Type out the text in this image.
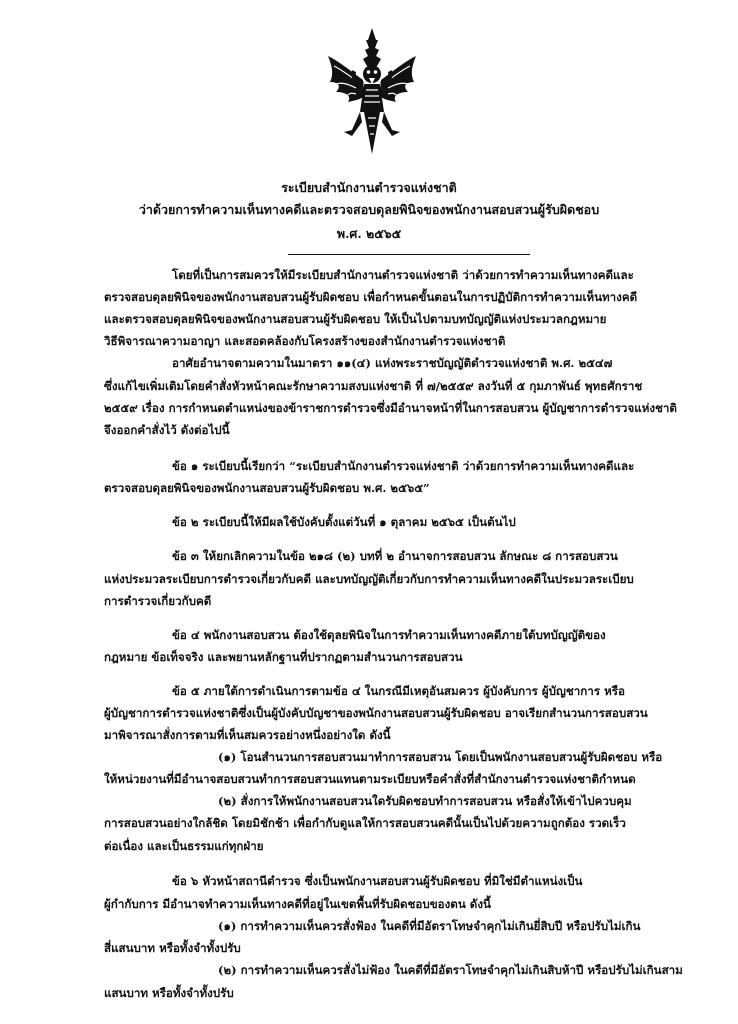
ระเบียบสำนักงานตำรวจแห่งชาติ
ว่าด้วยการทำความเห็นทางคดีและตรวจสอบดุลยพินิจของพนักงานสอบสวนผู้รับผิดชอบ
พ.ศ. ๒๕๖๕
โดยที่เป็นการสมควรให้มีระเบียบสำนักงานตำรวจแห่งชาติ ว่าด้วยการทำความเห็นทางคดีและ
ตรวจสอบดุลยพินิจของพนักงานสอบสวนผู้รับผิดชอบ เพื่อกำหนดขั้นตอนในการปฏิบัติการทำความเห็นทางคดี
และตรวจสอบดุลยพินิจของพนักงานสอบสวนผู้รับผิดชอบ ให้เป็นไปตามบทบัญญัติแห่งประมวลกฎหมาย
วิธีพิจารณาความอาญา และสอดคล้องกับโครงสร้างของสำนักงานตำรวจแห่งชาติ
อาศัยอำนาจตามความในมาตรา ๑๑(๔) แห่งพระราชบัญญัติตำรวจแห่งชาติ พ.ศ. ๒๕๔๗
ซึ่งแก้ไขเพิ่มเติมโดยคำสั่งหัวหน้าคณะรักษาความสงบแห่งชาติ ที่ ๗/๒๕๕๙ ลงวันที่ ๕ กุมภาพันธ์ พุทธศักราช
๒๕๕๙ เรื่อง การกำหนดตำแหน่งของข้าราชการตำรวจซึ่งมีอำนาจหน้าที่ในการสอบสวน ผู้บัญชาการตำรวจแห่งชาติ
จึงออกคำสั่งไว้ ดังต่อไปนี้
ข้อ ๑ ระเบียบนี้เรียกว่า “ระเบียบสำนักงานตำรวจแห่งชาติ ว่าด้วยการทำความเห็นทางคดีและ
ตรวจสอบดุลยพินิจของพนักงานสอบสวนผู้รับผิดชอบ พ.ศ. ๒๕๖๕”
ข้อ ๒ ระเบียบนี้ให้มีผลใช้บังคับตั้งแต่วันที่ ๑ ตุลาคม ๒๕๖๕ เป็นต้นไป
ข้อ ๓ ให้ยกเลิกความในข้อ ๒๑๘ (๒) บทที่ ๒ อำนาจการสอบสวน ลักษณะ ๘ การสอบสวน
แห่งประมวลระเบียบการตำรวจเกี่ยวกับคดี และบทบัญญัติเกี่ยวกับการทำความเห็นทางคดีในประมวลระเบียบ
การตำรวจเกี่ยวกับคดี
ข้อ ๔ พนักงานสอบสวน ต้องใช้ดุลยพินิจในการทำความเห็นทางคดีภายใต้บทบัญญัติของ
กฎหมาย ข้อเท็จจริง และพยานหลักฐานที่ปรากฏตามสำนวนการสอบสวน
ข้อ ๕ ภายใต้การดำเนินการตามข้อ ๔ ในกรณีมีเหตุอันสมควร ผู้บังคับการ ผู้บัญชาการ หรือ
ผู้บัญชาการตำรวจแห่งชาติซึ่งเป็นผู้บังคับบัญชาของพนักงานสอบสวนผู้รับผิดชอบ อาจเรียกสำนวนการสอบสวน
มาพิจารณาสั่งการตามที่เห็นสมควรอย่างหนึ่งอย่างใด ดังนี้
(๑) โอนสำนวนการสอบสวนมาทำการสอบสวน โดยเป็นพนักงานสอบสวนผู้รับผิดชอบ หรือ
ให้หน่วยงานที่มีอำนาจสอบสวนทำการสอบสวนแทนตามระเบียบหรือคำสั่งที่สำนักงานตำรวจแห่งชาติกำหนด
(๒) สั่งการให้พนักงานสอบสวนใดรับผิดชอบทำการสอบสวน หรือสั่งให้เข้าไปควบคุม
การสอบสวนอย่างใกล้ชิด โดยมิชักช้า เพื่อกำกับดูแลให้การสอบสวนคดีนั้นเป็นไปด้วยความถูกต้อง รวดเร็ว
ต่อเนื่อง และเป็นธรรมแก่ทุกฝ่าย
ข้อ ๖ หัวหน้าสถานีตำรวจ ซึ่งเป็นพนักงานสอบสวนผู้รับผิดชอบ ที่มิใช่มีตำแหน่งเป็น
ผู้กำกับการ มีอำนาจทำความเห็นทางคดีที่อยู่ในเขตพื้นที่รับผิดชอบของตน ดังนี้
(๑) การทำความเห็นควรสั่งฟ้อง ในคดีที่มีอัตราโทษจำคุกไม่เกินยี่สิบปี หรือปรับไม่เกิน
สี่แสนบาท หรือทั้งจำทั้งปรับ
(๒) การทำความเห็นควรสั่งไม่ฟ้อง ในคดีที่มีอัตราโทษจำคุกไม่เกินสิบห้าปี หรือปรับไม่เกินสาม
แสนบาท หรือทั้งจำทั้งปรับ
